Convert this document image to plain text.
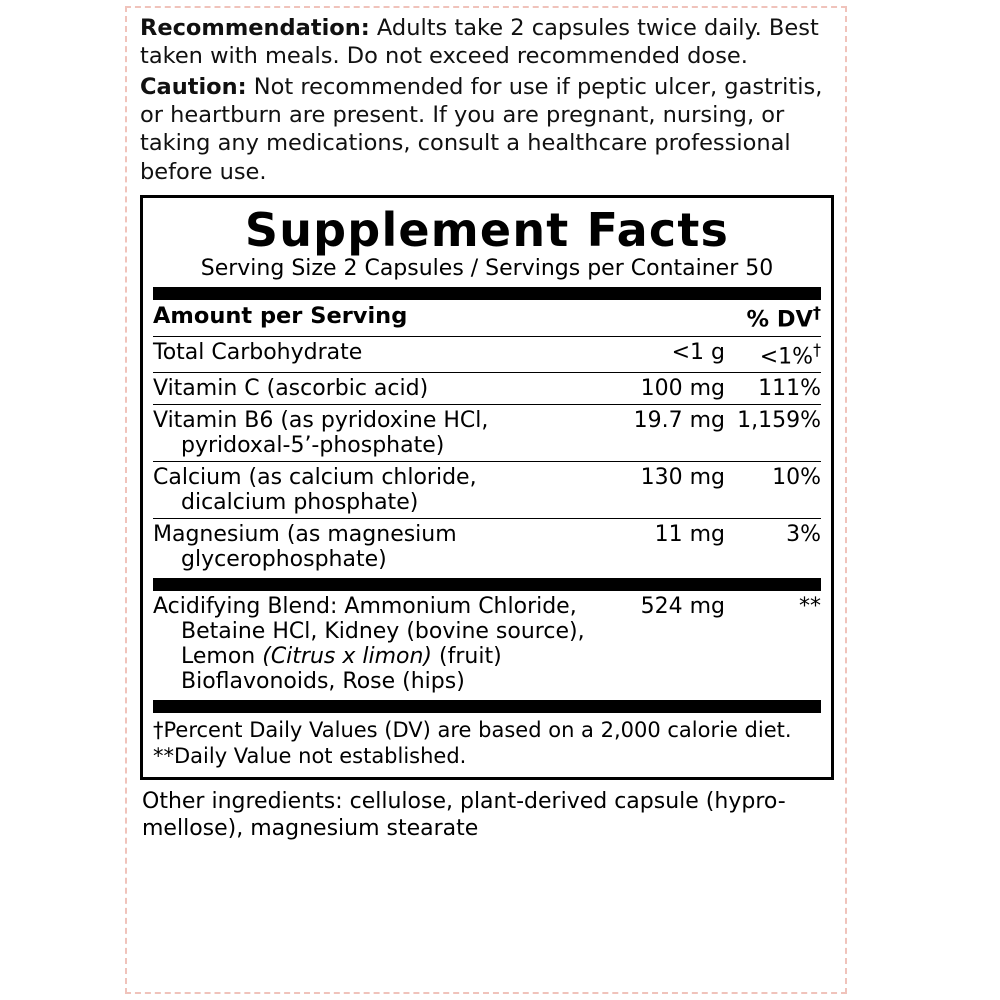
Recommendation: Adults take 2 capsules twice daily. Best taken with meals. Do not exceed recommended dose.

Caution: Not recommended for use if peptic ulcer, gastritis, or heartburn are present. If you are pregnant, nursing, or taking any medications, consult a healthcare professional before use.

Supplement Facts
Serving Size 2 Capsules / Servings per Container 50
Amount per Serving		% DV†
Total Carbohydrate	<1 g	<1%†
Vitamin C (ascorbic acid)	100 mg	111%
Vitamin B6 (as pyridoxine HCl,
pyridoxal-5’-phosphate)	19.7 mg	1,159%
Calcium (as calcium chloride,
dicalcium phosphate)	130 mg	10%
Magnesium (as magnesium
glycerophosphate)	11 mg	3%
Acidifying Blend: Ammonium Chloride,
Betaine HCl, Kidney (bovine source),
Lemon (Citrus x limon) (fruit)
Bioflavonoids, Rose (hips)
	524 mg	**
†Percent Daily Values (DV) are based on a 2,000 calorie diet.
**Daily Value not established.
Other ingredients: cellulose, plant-derived capsule (hypro-mellose), magnesium stearate
